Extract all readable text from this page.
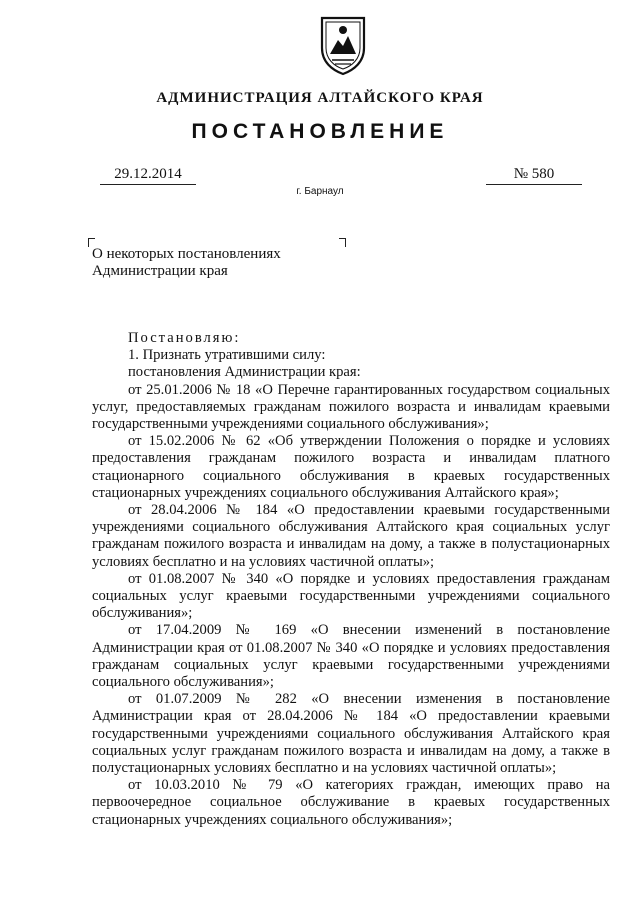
АДМИНИСТРАЦИЯ АЛТАЙСКОГО КРАЯ
ПОСТАНОВЛЕНИЕ
29.12.2014	№ 580
г. Барнаул
О некоторых постановлениях Администрации края

Постановляю:

1. Признать утратившими силу:

постановления Администрации края:

от 25.01.2006 № 18 «О Перечне гарантированных государством социальных услуг, предоставляемых гражданам пожилого возраста и инвалидам краевыми государственными учреждениями социального обслуживания»;

от 15.02.2006 № 62 «Об утверждении Положения о порядке и условиях предоставления гражданам пожилого возраста и инвалидам платного стационарного социального обслуживания в краевых государственных стационарных учреждениях социального обслуживания Алтайского края»;

от 28.04.2006 № 184 «О предоставлении краевыми государственными учреждениями социального обслуживания Алтайского края социальных услуг гражданам пожилого возраста и инвалидам на дому, а также в полустационарных условиях бесплатно и на условиях частичной оплаты»;

от 01.08.2007 № 340 «О порядке и условиях предоставления гражданам социальных услуг краевыми государственными учреждениями социального обслуживания»;

от 17.04.2009 № 169 «О внесении изменений в постановление Администрации края от 01.08.2007 № 340 «О порядке и условиях предоставления гражданам социальных услуг краевыми государственными учреждениями социального обслуживания»;

от 01.07.2009 № 282 «О внесении изменения в постановление Администрации края от 28.04.2006 № 184 «О предоставлении краевыми государственными учреждениями социального обслуживания Алтайского края социальных услуг гражданам пожилого возраста и инвалидам на дому, а также в полустационарных условиях бесплатно и на условиях частичной оплаты»;

от 10.03.2010 № 79 «О категориях граждан, имеющих право на первоочередное социальное обслуживание в краевых государственных стационарных учреждениях социального обслуживания»;
